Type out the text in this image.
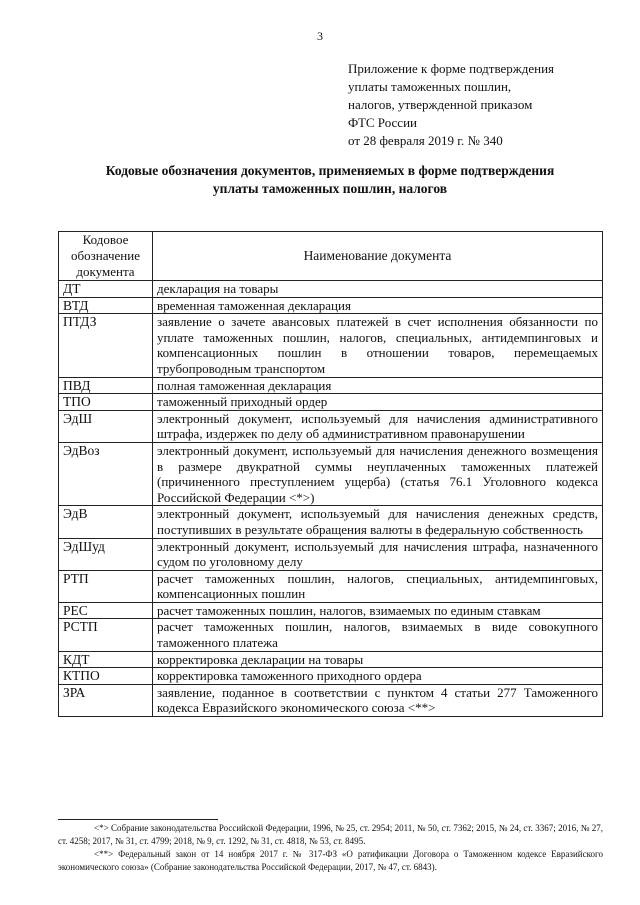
3
Приложение к форме подтверждения
уплаты таможенных пошлин,
налогов, утвержденной приказом
ФТС России
от 28 февраля 2019 г. № 340
Кодовые обозначения документов, применяемых в форме подтверждения
уплаты таможенных пошлин, налогов
Кодовое обозначение документа	Наименование документа
ДТ	декларация на товары
ВТД	временная таможенная декларация
ПТДЗ	заявление о зачете авансовых платежей в счет исполнения обязанности по уплате таможенных пошлин, налогов, специальных, антидемпинговых и компенсационных пошлин в отношении товаров, перемещаемых трубопроводным транспортом
ПВД	полная таможенная декларация
ТПО	таможенный приходный ордер
ЭдШ	электронный документ, используемый для начисления административного штрафа, издержек по делу об административном правонарушении
ЭдВоз	электронный документ, используемый для начисления денежного возмещения в размере двукратной суммы неуплаченных таможенных платежей (причиненного преступлением ущерба) (статья 76.1 Уголовного кодекса Российской Федерации <*>)
ЭдВ	электронный документ, используемый для начисления денежных средств, поступивших в результате обращения валюты в федеральную собственность
ЭдШуд	электронный документ, используемый для начисления штрафа, назначенного судом по уголовному делу
РТП	расчет таможенных пошлин, налогов, специальных, антидемпинговых, компенсационных пошлин
РЕС	расчет таможенных пошлин, налогов, взимаемых по единым ставкам
РСТП	расчет таможенных пошлин, налогов, взимаемых в виде совокупного таможенного платежа
КДТ	корректировка декларации на товары
КТПО	корректировка таможенного приходного ордера
ЗРА	заявление, поданное в соответствии с пунктом 4 статьи 277 Таможенного кодекса Евразийского экономического союза <**>

<*> Собрание законодательства Российской Федерации, 1996, № 25, ст. 2954; 2011, № 50, ст. 7362; 2015, № 24, ст. 3367; 2016, № 27, ст. 4258; 2017, № 31, ст. 4799; 2018, № 9, ст. 1292, № 31, ст. 4818, № 53, ст. 8495.

<**> Федеральный закон от 14 ноября 2017 г. № 317-ФЗ «О ратификации Договора о Таможенном кодексе Евразийского экономического союза» (Собрание законодательства Российской Федерации, 2017, № 47, ст. 6843).
